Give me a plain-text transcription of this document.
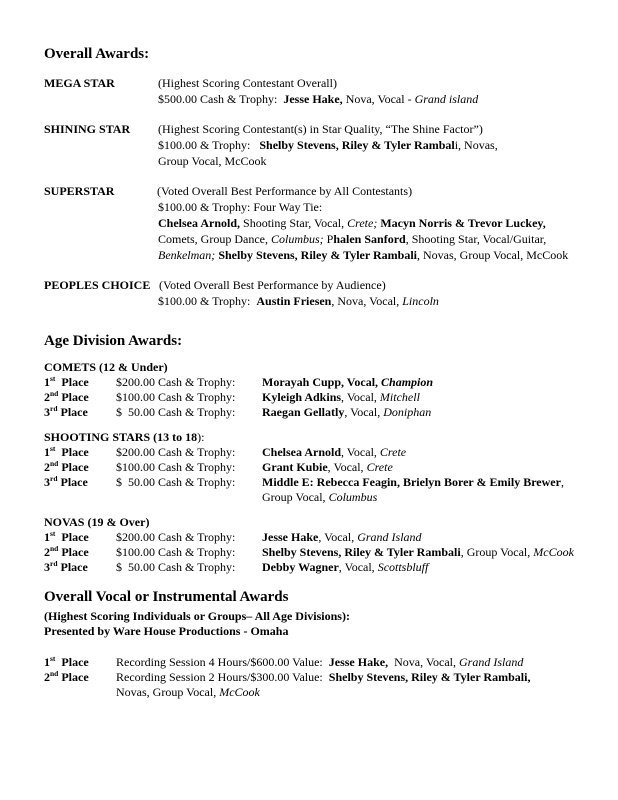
Overall Awards:
MEGA STAR	(Highest Scoring Contestant Overall)
$500.00 Cash & Trophy: Jesse Hake, Nova, Vocal - Grand island
SHINING STAR (Highest Scoring Contestant(s) in Star Quality, “The Shine Factor”)
$100.00 & Trophy: Shelby Stevens, Riley & Tyler Rambali, Novas,
Group Vocal, McCook
SUPERSTAR	(Voted Overall Best Performance by All Contestants)
$100.00 & Trophy: Four Way Tie:
Chelsea Arnold, Shooting Star, Vocal, Crete; Macyn Norris & Trevor Luckey,
Comets, Group Dance, Columbus; Phalen Sanford, Shooting Star, Vocal/Guitar,
Benkelman; Shelby Stevens, Riley & Tyler Rambali, Novas, Group Vocal, McCook
PEOPLES CHOICE (Voted Overall Best Performance by Audience)
$100.00 & Trophy: Austin Friesen, Nova, Vocal, Lincoln
Age Division Awards:
COMETS (12 & Under)
1st Place $200.00 Cash & Trophy: Morayah Cupp, Vocal, Champion
2nd Place $100.00 Cash & Trophy: Kyleigh Adkins, Vocal, Mitchell
3rd Place $  50.00 Cash & Trophy: Raegan Gellatly, Vocal, Doniphan
SHOOTING STARS (13 to 18):
1st Place $200.00 Cash & Trophy: Chelsea Arnold, Vocal, Crete
2nd Place $100.00 Cash & Trophy: Grant Kubie, Vocal, Crete
3rd Place $  50.00 Cash & Trophy: Middle E: Rebecca Feagin, Brielyn Borer & Emily Brewer,
Group Vocal, Columbus
NOVAS (19 & Over)
1st Place $200.00 Cash & Trophy: Jesse Hake, Vocal, Grand Island
2nd Place $100.00 Cash & Trophy: Shelby Stevens, Riley & Tyler Rambali, Group Vocal, McCook
3rd Place $  50.00 Cash & Trophy: Debby Wagner, Vocal, Scottsbluff
Overall Vocal or Instrumental Awards
(Highest Scoring Individuals or Groups– All Age Divisions):
Presented by Ware House Productions - Omaha
1st Place Recording Session 4 Hours/$600.00 Value: Jesse Hake, Nova, Vocal, Grand Island
2nd Place Recording Session 2 Hours/$300.00 Value: Shelby Stevens, Riley & Tyler Rambali,
Novas, Group Vocal, McCook
